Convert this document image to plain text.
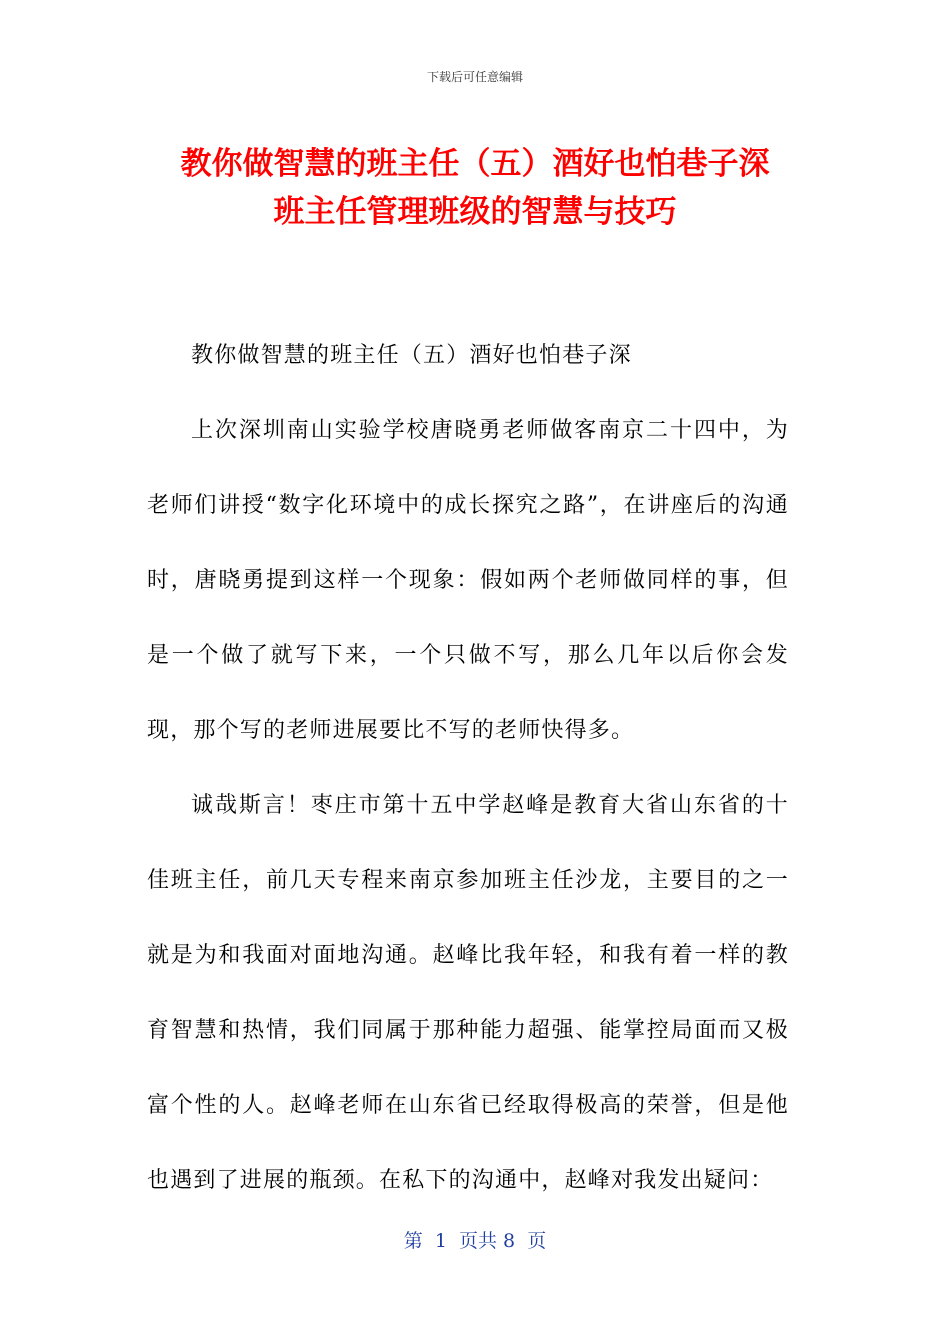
下载后可任意编辑
教你做智慧的班主任（五）酒好也怕巷子深
班主任管理班级的智慧与技巧

教你做智慧的班主任（五）酒好也怕巷子深

上次深圳南山实验学校唐晓勇老师做客南京二十四中，为老师们讲授“数字化环境中的成长探究之路”，在讲座后的沟通时，唐晓勇提到这样一个现象：假如两个老师做同样的事，但是一个做了就写下来，一个只做不写，那么几年以后你会发现，那个写的老师进展要比不写的老师快得多。

诚哉斯言！枣庄市第十五中学赵峰是教育大省山东省的十佳班主任，前几天专程来南京参加班主任沙龙，主要目的之一就是为和我面对面地沟通。赵峰比我年轻，和我有着一样的教育智慧和热情，我们同属于那种能力超强、能掌控局面而又极富个性的人。赵峰老师在山东省已经取得极高的荣誉，但是他也遇到了进展的瓶颈。在私下的沟通中，赵峰对我发出疑问：

第  1  页共 8  页
